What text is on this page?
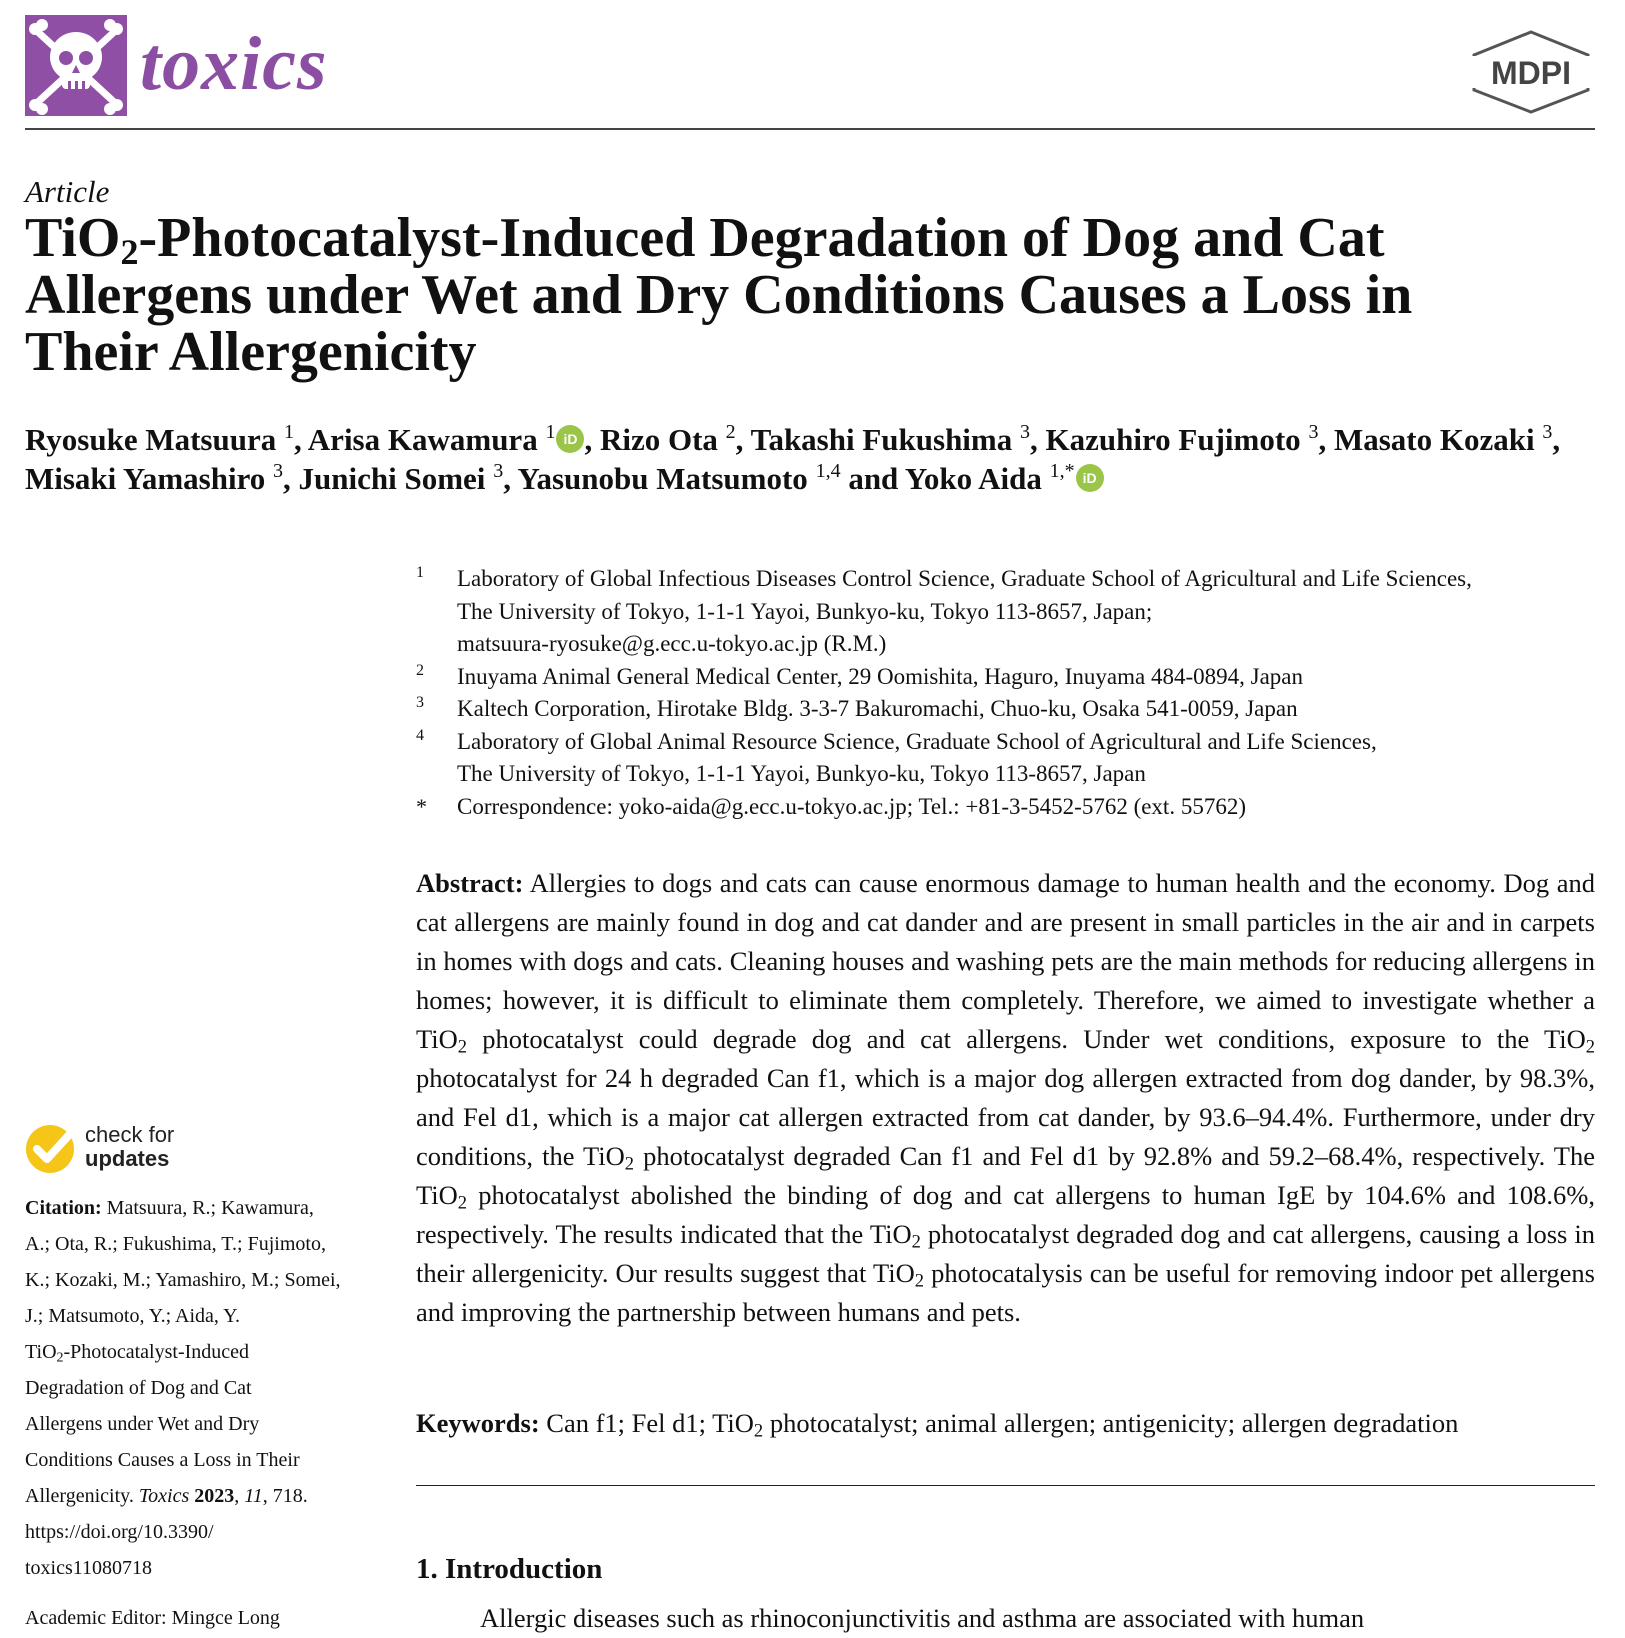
toxics	MDPI
Article
TiO$_2$-Photocatalyst-Induced Degradation of Dog and Cat
Allergens under Wet and Dry Conditions Causes a Loss in
Their Allergenicity
Ryosuke Matsuura $^1$, Arisa Kawamura $^1$ iD , Rizo Ota $^2$, Takashi Fukushima $^3$, Kazuhiro Fujimoto $^3$, Masato Kozaki $^3$,
Misaki Yamashiro $^3$, Junichi Somei $^3$, Yasunobu Matsumoto $^{1,4}$ and Yoko Aida $^{1,*}$ iD
1 Laboratory of Global Infectious Diseases Control Science, Graduate School of Agricultural and Life Sciences,
The University of Tokyo, 1-1-1 Yayoi, Bunkyo-ku, Tokyo 113-8657, Japan;
matsuura-ryosuke@g.ecc.u-tokyo.ac.jp (R.M.)
2 Inuyama Animal General Medical Center, 29 Oomishita, Haguro, Inuyama 484-0894, Japan
3 Kaltech Corporation, Hirotake Bldg. 3-3-7 Bakuromachi, Chuo-ku, Osaka 541-0059, Japan
4 Laboratory of Global Animal Resource Science, Graduate School of Agricultural and Life Sciences,
The University of Tokyo, 1-1-1 Yayoi, Bunkyo-ku, Tokyo 113-8657, Japan
* Correspondence: yoko-aida@g.ecc.u-tokyo.ac.jp; Tel.: +81-3-5452-5762 (ext. 55762)
Abstract: Allergies to dogs and cats can cause enormous damage to human health and the economy. Dog and cat allergens are mainly found in dog and cat dander and are present in small particles in the air and in carpets in homes with dogs and cats. Cleaning houses and washing pets are the main methods for reducing allergens in homes; however, it is difficult to eliminate them completely. Therefore, we aimed to investigate whether a TiO$_2$ photocatalyst could degrade dog and cat allergens. Under wet conditions, exposure to the TiO$_2$ photocatalyst for 24 h degraded Can f1, which is a major dog allergen extracted from dog dander, by 98.3%, and Fel d1, which is a major cat allergen extracted from cat dander, by 93.6–94.4%. Furthermore, under dry conditions, the TiO$_2$ photocatalyst degraded Can f1 and Fel d1 by 92.8% and 59.2–68.4%, respectively. The TiO$_2$ photocatalyst abolished the binding of dog and cat allergens to human IgE by 104.6% and 108.6%, respectively. The results indicated that the TiO$_2$ photocatalyst degraded dog and cat allergens, causing a loss in their allergenicity. Our results suggest that TiO$_2$ photocatalysis can be useful for removing indoor pet allergens and improving the partnership between humans and pets.
Keywords: Can f1; Fel d1; TiO$_2$ photocatalyst; animal allergen; antigenicity; allergen degradation
1. Introduction
Allergic diseases such as rhinoconjunctivitis and asthma are associated with human
check for
updates
Citation: Matsuura, R.; Kawamura,
A.; Ota, R.; Fukushima, T.; Fujimoto,
K.; Kozaki, M.; Yamashiro, M.; Somei,
J.; Matsumoto, Y.; Aida, Y.
TiO$_2$-Photocatalyst-Induced
Degradation of Dog and Cat
Allergens under Wet and Dry
Conditions Causes a Loss in Their
Allergenicity. Toxics 2023, 11, 718.
https://doi.org/10.3390/
toxics11080718
Academic Editor: Mingce Long
